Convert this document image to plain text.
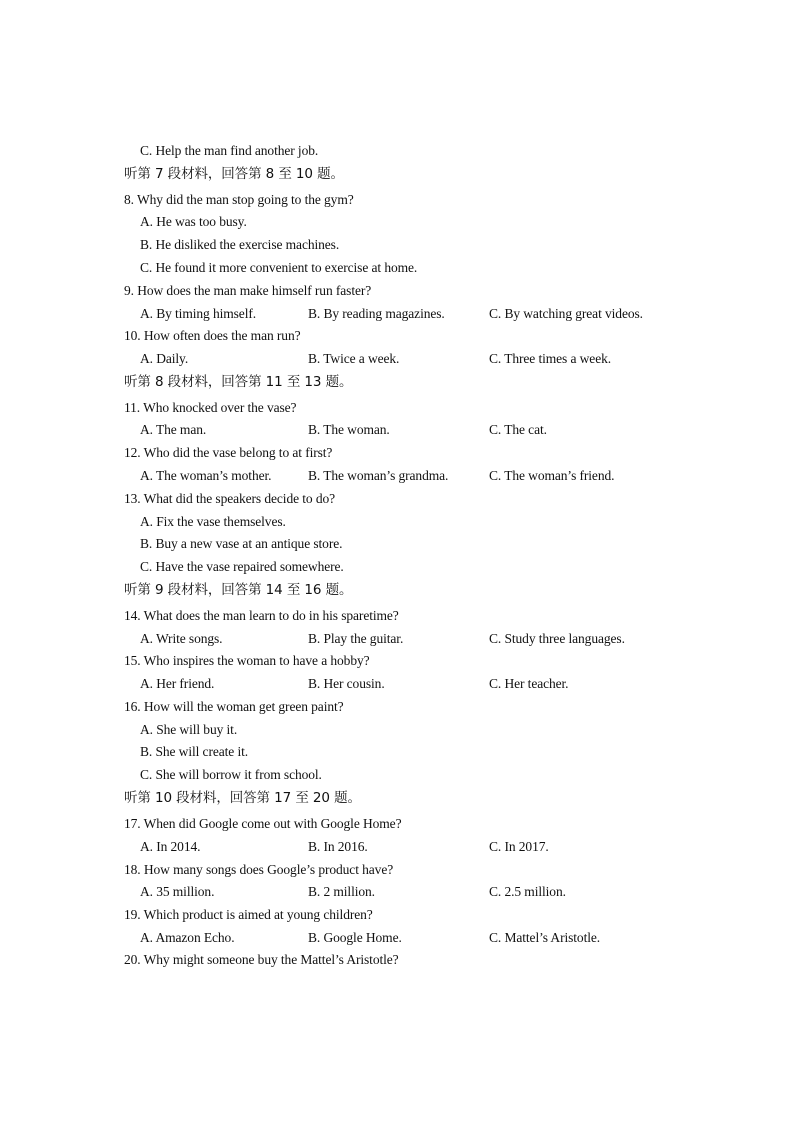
C. Help the man find another job.
听第 7 段材料，回答第 8 至 10 题。
8. Why did the man stop going to the gym?
A. He was too busy.
B. He disliked the exercise machines.
C. He found it more convenient to exercise at home.
9. How does the man make himself run faster?
A. By timing himself.	B. By reading magazines.	C. By watching great videos.
10. How often does the man run?
A. Daily.	B. Twice a week.	C. Three times a week.
听第 8 段材料，回答第 11 至 13 题。
11. Who knocked over the vase?
A. The man.	B. The woman.	C. The cat.
12. Who did the vase belong to at first?
A. The woman’s mother.	B. The woman’s grandma.	C. The woman’s friend.
13. What did the speakers decide to do?
A. Fix the vase themselves.
B. Buy a new vase at an antique store.
C. Have the vase repaired somewhere.
听第 9 段材料，回答第 14 至 16 题。
14. What does the man learn to do in his sparetime?
A. Write songs.	B. Play the guitar.	C. Study three languages.
15. Who inspires the woman to have a hobby?
A. Her friend.	B. Her cousin.	C. Her teacher.
16. How will the woman get green paint?
A. She will buy it.
B. She will create it.
C. She will borrow it from school.
听第 10 段材料，回答第 17 至 20 题。
17. When did Google come out with Google Home?
A. In 2014.	B. In 2016.	C. In 2017.
18. How many songs does Google’s product have?
A. 35 million.	B. 2 million.	C. 2.5 million.
19. Which product is aimed at young children?
A. Amazon Echo.	B. Google Home.	C. Mattel’s Aristotle.
20. Why might someone buy the Mattel’s Aristotle?
